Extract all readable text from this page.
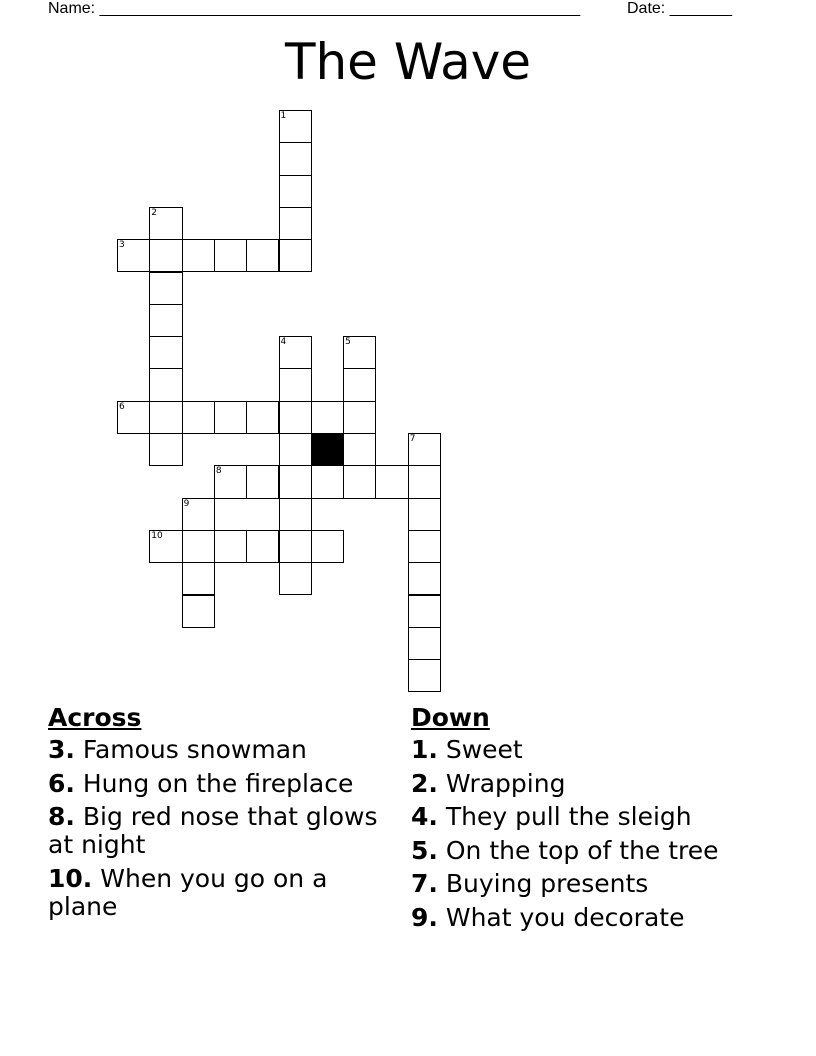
Name: ______________________________________________________	Date: _______
The Wave
1
2
3
4	5
6
7
8
9
10
Across
3. Famous snowman
6. Hung on the fireplace
8. Big red nose that glows at night
10. When you go on a plane
Down
1. Sweet
2. Wrapping
4. They pull the sleigh
5. On the top of the tree
7. Buying presents
9. What you decorate
